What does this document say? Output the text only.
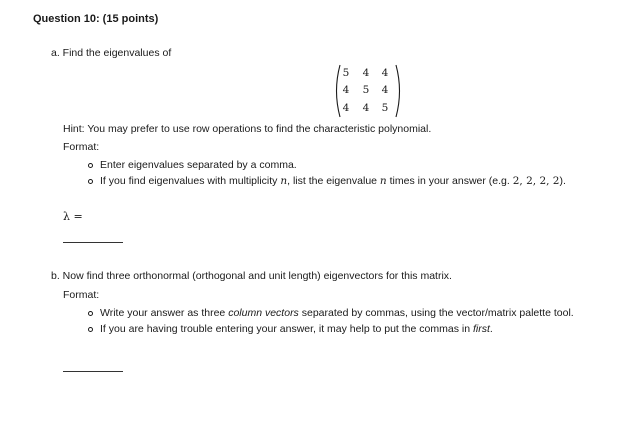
Question 10: (15 points)
a. Find the eigenvalues of
5 4 4
4 5 4
4 4 5
Hint: You may prefer to use row operations to find the characteristic polynomial.
Format:
Enter eigenvalues separated by a comma.
If you find eigenvalues with multiplicity n, list the eigenvalue n times in your answer (e.g. 2, 2, 2, 2).
λ =
b. Now find three orthonormal (orthogonal and unit length) eigenvectors for this matrix.
Format:
Write your answer as three column vectors separated by commas, using the vector/matrix palette tool.
If you are having trouble entering your answer, it may help to put the commas in first.
